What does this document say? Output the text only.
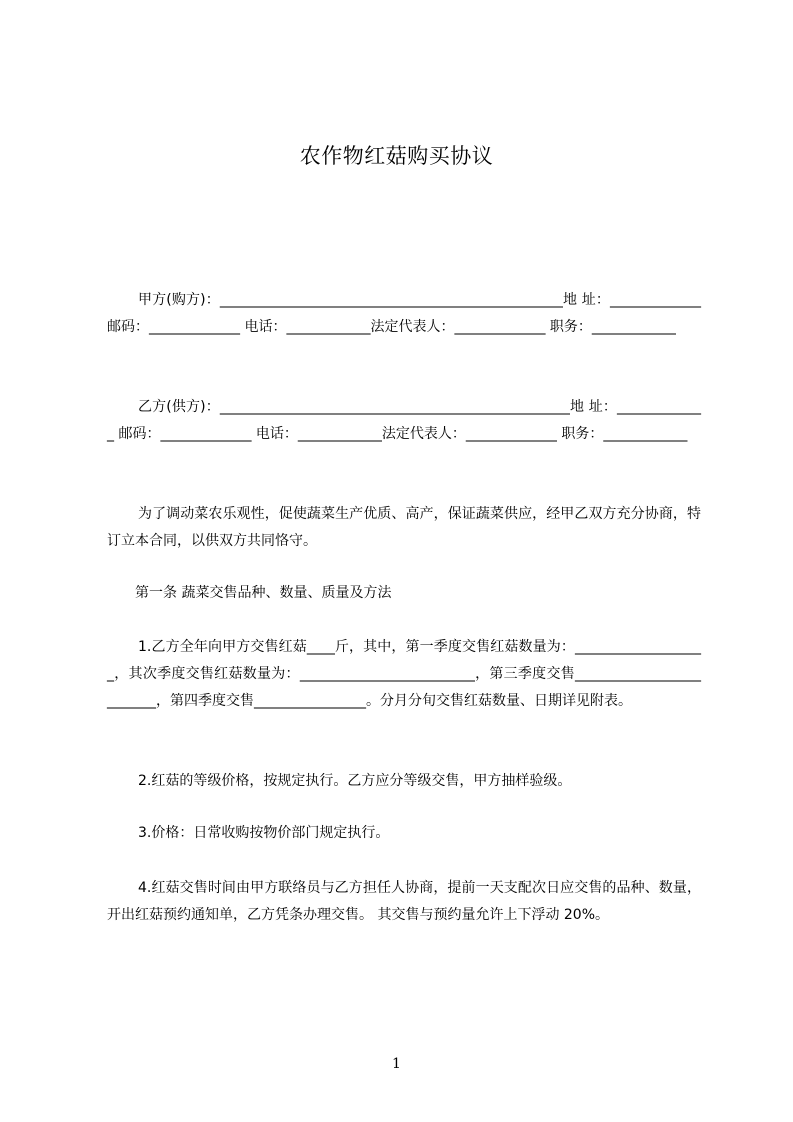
农作物红菇购买协议

甲方(购方)：_________________________________________________地 址：_____________ 邮码：_____________ 电话：____________法定代表人：_____________ 职务：____________

乙方(供方)：__________________________________________________地 址：_____________ 邮码：_____________ 电话：____________法定代表人：_____________ 职务：____________

为了调动菜农乐观性，促使蔬菜生产优质、高产，保证蔬菜供应，经甲乙双方充分协商，特订立本合同，以供双方共同恪守。

第一条 蔬菜交售品种、数量、质量及方法

1.乙方全年向甲方交售红菇____斤，其中，第一季度交售红菇数量为：___________________，其次季度交售红菇数量为：_________________________，第三季度交售_________________________，第四季度交售________________。分月分旬交售红菇数量、日期详见附表。

2.红菇的等级价格，按规定执行。乙方应分等级交售，甲方抽样验级。

3.价格：日常收购按物价部门规定执行。

4.红菇交售时间由甲方联络员与乙方担任人协商，提前一天支配次日应交售的品种、数量，开出红菇预约通知单，乙方凭条办理交售。 其交售与预约量允许上下浮动 20%。

1
